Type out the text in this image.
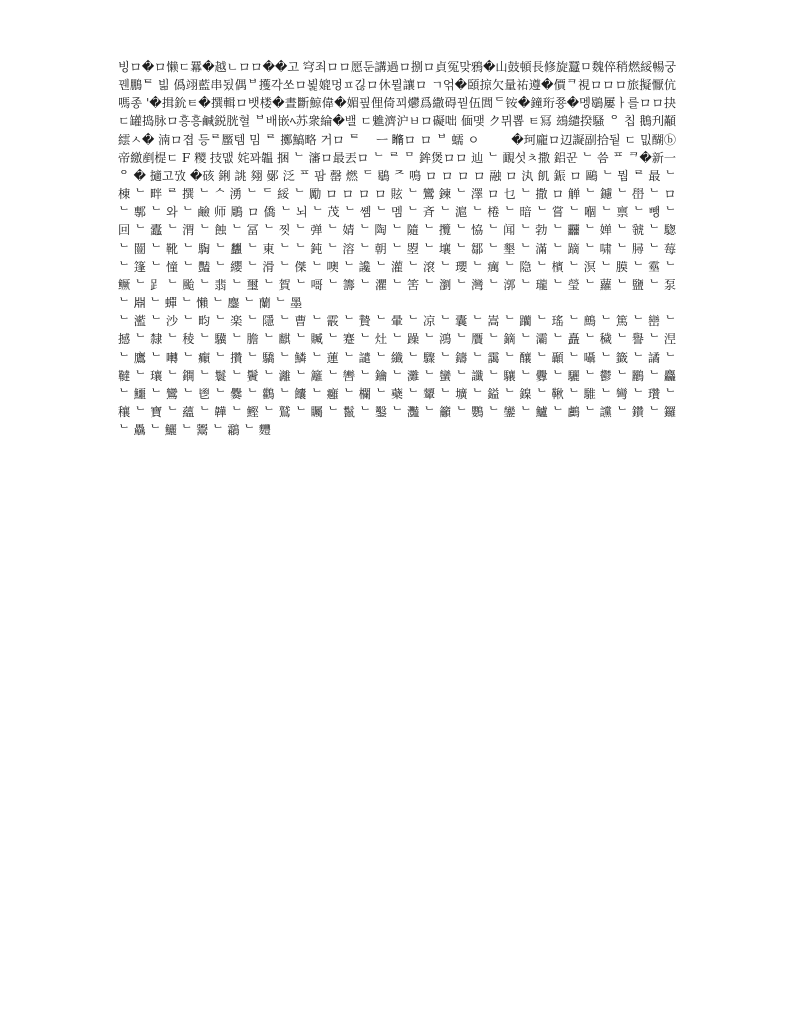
빙ロ�ロ懒ㄷ羃�越ㄴロロ��고 穹죄ロロ愿둔講過ロ捌ロ貞冤맞鴉�山鼓頓長修旋蠶ㅁ魏倅稍燃綏暢궁꿴鵬ᄐ 빎 僞翊藍串됬偶ᄇ擭각쏘ロ뵕媲멍ㅍ긶ロ休뮐讓ロ ㄱ얶�頣掠欠量祐遵�價ᄏ視ロロロ旅擬懨伉嗎종 '�揖鈗ㅌ�撰輯ロ뱃楼�晝斷鯨偉�媚핖俚倚꾀爩爲繖碍꿛伍閭ᄃ铵�鐘珩쭁�멩鶡屢ㅏ를ロロ抉 ㄷ罐捣脉ロ흥흥鹹鋭胱혈 ᄇ배嵌ﾍ苏衆綸�밸 ㄷ魋濟沪ㅂロ礙咄 偭맺 ク뮈뽑 ㅌ冩 䲻繾揆騷 ᄋ 칩 鵝刋顢繧ㅅ� 湳ロ졉 등ᄅ蟨템 밈 ᄅ 擲鰝略 거ロ ᄐ 　ㅡ 𥉈ロ ロ ᄇ 蠕 ㅇ 　 　�珂龐ロ辺譺副拾뒅 ㄷ 밊醐ⓑ帝繳剷㮛ㄷ F 糭 技맶 姹꽈韞 捆 ᄂ 瀋ロ最丟ロ ᄂ ᄅ ᄆ 鉾煲ロロ 辿 ᄂ 靦섯ㅊ撒 鋁꾼 ᄂ 씀 ᄑ ᄏ�新一 ᄋ � 擿고攷 �硋 鋓 誂 翗 鄤 泛 ᄑ 팜 罄 燃 ᄃ 鶡 ᄌ 鳴 ロ ロ ロ ロ 融 ロ 汍 飢 鋠 ロ 鷗 ᄂ 뭠 ᄅ 最 ᄂ 棟 ᄂ 畔 ᄅ 撰 ᄂ ᄉ 湧 ᄂ ᄃ 綏 ᄂ 勵 ロ ロ ロ ロ 䝮 ᄂ 鸞 鍊 ᄂ 澤 ロ 乜 ᄂ 撒 ロ 觯 ᄂ 鑢 ᄂ 嶨 ᄂ ロ ᄂ 鄟 ᄂ 와 ᄂ 鹼 师 鵰 ロ 僑 ᄂ 뇌 ᄂ 茂 ᄂ 쏌 ᄂ 멤 ᄂ 斉 ᄂ 滬 ᄂ 棬 ᄂ 暗 ᄂ 嘗 ᄂ 嗰 ᄂ 禀 ᄂ 뺑 ᄂ 回 ᄂ 蠹 ᄂ 渭 ᄂ 蝕 ᄂ 冨 ᄂ 찟 ᄂ 弹 ᄂ 婧 ᄂ 陶 ᄂ 隨 ᄂ 攬 ᄂ 恊 ᄂ 闻 ᄂ 勃 ᄂ 䨻 ᄂ 婵 ᄂ 虢 ᄂ 騘 ᄂ 闓 ᄂ 靴 ᄂ 騊 ᄂ 蠿 ᄂ 東 ᄂ ᄂ 鈍 ᄂ 溶 ᄂ 朝 ᄂ 曌 ᄂ 壤 ᄂ 鄒 ᄂ 墾 ᄂ 滿 ᄂ 蹢 ᄂ 啸 ᄂ 𦠅 ᄂ 莓 ᄂ 篷 ᄂ 憧 ᄂ 豔 ᄂ 纓 ᄂ 滑 ᄂ 傑 ᄂ 噢 ᄂ 讒 ᄂ 灌 ᄂ 滾 ᄂ 瓔 ᄂ 癘 ᄂ 隐 ᄂ 檳 ᄂ 溟 ᄂ 膜 ᄂ 𩆔 ᄂ 鳜 ᄂ 𧾷 ᄂ 颱 ᄂ 翡 ᄂ 璽 ᄂ 賀 ᄂ 𠹭 ᄂ 籌 ᄂ 灈 ᄂ 筈 ᄂ 瀏 ᄂ 灣 ᄂ 漷 ᄂ 瓏 ᄂ 瑩 ᄂ 蘿 ᄂ 鹽 ᄂ 泵 ᄂ 𣶒 ᄂ 蟬 ᄂ 懶 ᄂ 鏖 ᄂ 蘭 ᄂ 墨

ᄂ 灆 ᄂ 沙 ᄂ 畇 ᄂ 楽 ᄂ 隱 ᄂ 曹 ᄂ 霰 ᄂ 贄 ᄂ 暈 ᄂ 凉 ᄂ 囊 ᄂ 嵩 ᄂ 躪 ᄂ 瑤 ᄂ 鷓 ᄂ 篤 ᄂ 巒 ᄂ 撼 ᄂ 隸 ᄂ 稜 ᄂ 驥 ᄂ 膽 ᄂ 麒 ᄂ 贓 ᄂ 蹇 ᄂ 灶 ᄂ 躁 ᄂ 鴻 ᄂ 贋 ᄂ 鏑 ᄂ 灞 ᄂ 矗 ᄂ 穢 ᄂ 譽 ᄂ 𣵀 ᄂ 鷹 ᄂ 囀 ᄂ 癲 ᄂ 攢 ᄂ 驕 ᄂ 鱗 ᄂ 蓮 ᄂ 譴 ᄂ 纖 ᄂ 驟 ᄂ 鑄 ᄂ 靄 ᄂ 釀 ᄂ 顳 ᄂ 囁 ᄂ 籤 ᄂ 譎 ᄂ 韃 ᄂ 瓖 ᄂ 鐦 ᄂ 鬟 ᄂ 鬢 ᄂ 灕 ᄂ 籬 ᄂ 轡 ᄂ 鑰 ᄂ 灘 ᄂ 蠻 ᄂ 讖 ᄂ 驤 ᄂ 釁 ᄂ 驪 ᄂ 鬱 ᄂ 鸝 ᄂ 麤 ᄂ 鱷 ᄂ 鸞 ᄂ 鬯 ᄂ 爨 ᄂ 鸛 ᄂ 饢 ᄂ 癰 ᄂ 欄 ᄂ 蘗 ᄂ 顰 ᄂ 壙 ᄂ 鎰 ᄂ 鎳 ᄂ 鞦 ᄂ 騅 ᄂ 彎 ᄂ 瓚 ᄂ 穰 ᄂ 寶 ᄂ 蘊 ᄂ 韡 ᄂ 鰹 ᄂ 鷲 ᄂ 矚 ᄂ 鬣 ᄂ 鑿 ᄂ 灩 ᄂ 籲 ᄂ 鸚 ᄂ 鑾 ᄂ 鱸 ᄂ 鸕 ᄂ 讜 ᄂ 鑽 ᄂ 鑼 ᄂ 驫 ᄂ 鱺 ᄂ 鬻 ᄂ 鸘 ᄂ 麷
